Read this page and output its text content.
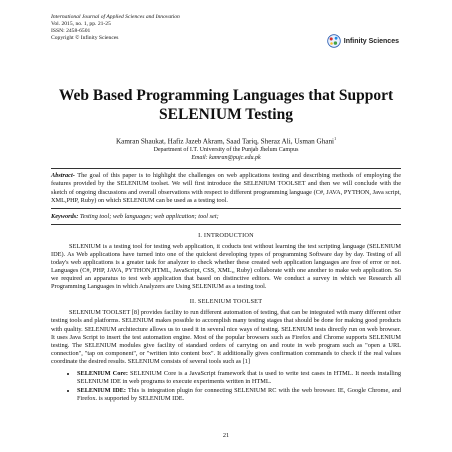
International Journal of Applied Sciences and Innovation
Vol. 2015, no. 1, pp. 21-25
ISSN: 2458-6501
Copyright © Infinity Sciences	Infinity Sciences
Web Based Programming Languages that Support
SELENIUM Testing
Kamran Shaukat, Hafiz Jazeb Akram, Saad Tariq, Sheraz Ali, Usman Ghani$^1$
Department of I.T. University of the Punjab Jhelum Campus
Email: kamran@pujc.edu.pk
Abstract- The goal of this paper is to highlight the challenges on web applications testing and describing methods of employing the features provided by the SELENIUM toolset. We will first introduce the SELENIUM TOOLSET and then we will conclude with the sketch of ongoing discussions and overall observations with respect to different programming language (C#, JAVA, PYTHON, Java script, XML,PHP, Ruby) on which SELENIUM can be used as a testing tool.
Keywords: Testing tool; web languages; web application; tool set;
I. INTRODUCTION

SELENIUM is a testing tool for testing web application, it coducts test without learning the test scripting language (SELENIUM IDE). As Web applications have turned into one of the quickest developing types of programming Software day by day. Testing of all today's web applications is a greater task for analyzer to check whether these created web application languages are free of error or not. Languages (C#, PHP, JAVA, PYTHON,HTML, JavaScript, CSS, XML,, Ruby) collaborate with one another to make web application. So we required an apparatus to test web application that based on distinctive editors. We conduct a survey in which we Research all Programming Languages in which Analyzers are Using SELENIUM as a testing tool.

II. SELENIUM TOOLSET

SELENIUM TOOLSET [8] provides facility to run different automation of testing, that can be integrated with many different other testing tools and platforms. SELENIUM makes possible to accomplish many testing stages that should be done for making good products with quality. SELENIUM architecture allows us to used it in several nice ways of testing. SELENIUM tests directly run on web browser. It uses Java Script to insert the test automation engine. Most of the popular browsers such as Firefox and Chrome supports SELENIUM testing. The SELENIUM modules give facility of standard orders of carrying on and route in web program such as "open a URL connection", "tap on component", or "written into content box". It additionally gives confirmation commands to check if the real values coordinate the desired results. SELENIUM consists of several tools such as [1]

• SELENIUM Core: SELENIUM Core is a JavaScript framework that is used to write test cases in HTML. It needs installing SELENIUM IDE in web programs to execute experiments written in HTML.
• SELENIUM IDE: This is integration plugin for connecting SELENIUM RC with the web browser. IE, Google Chrome, and Firefox. is supported by SELENIUM IDE.
21
